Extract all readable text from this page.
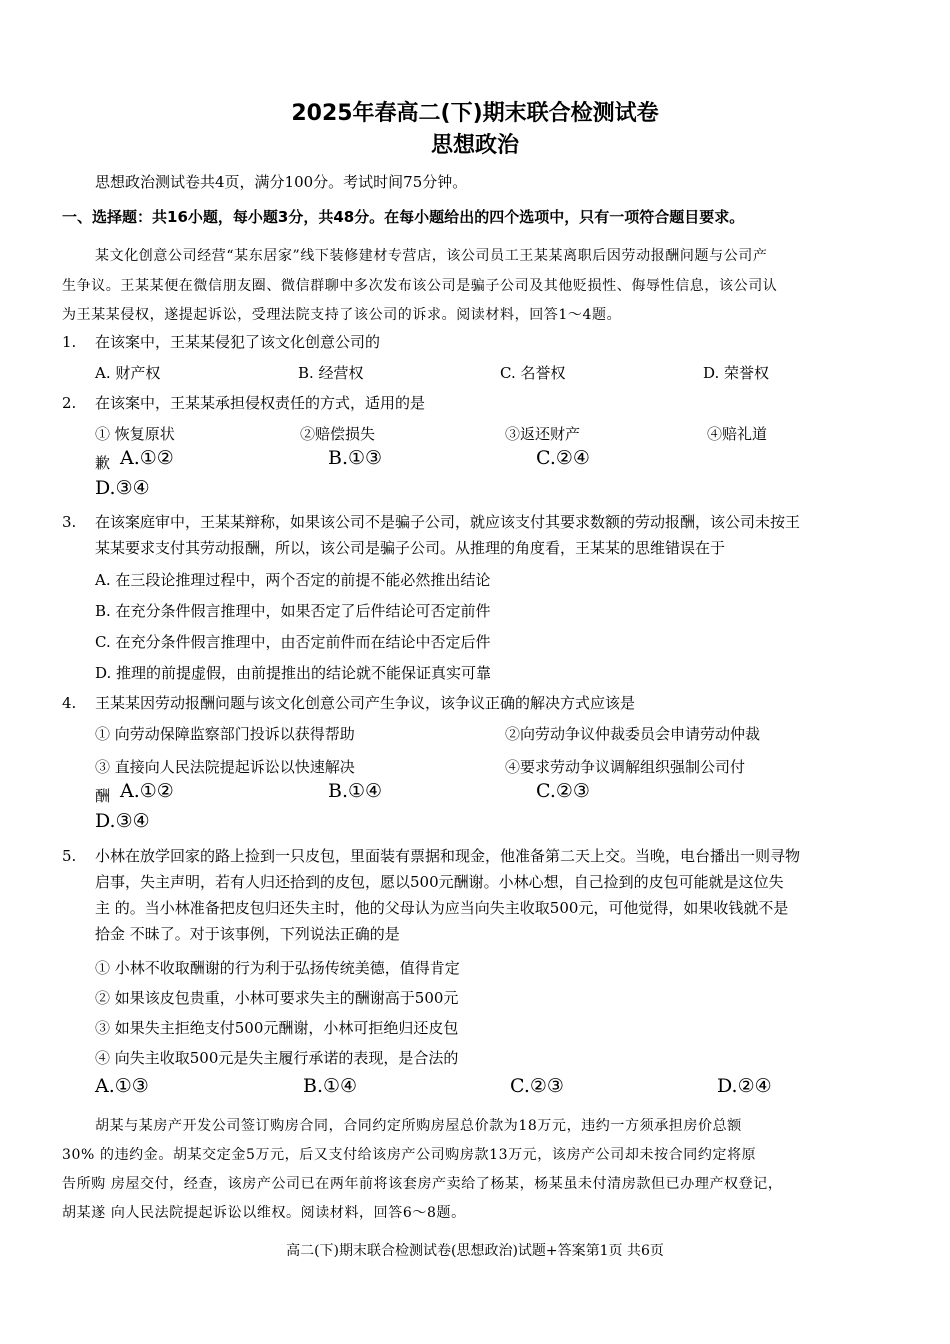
2025年春高二(下)期末联合检测试卷
思想政治
思想政治测试卷共4页，满分100分。考试时间75分钟。
一、选择题：共16小题，每小题3分，共48分。在每小题给出的四个选项中，只有一项符合题目要求。
某文化创意公司经营“某东居家”线下装修建材专营店，该公司员工王某某离职后因劳动报酬问题与公司产
生争议。王某某便在微信朋友圈、微信群聊中多次发布该公司是骗子公司及其他贬损性、侮辱性信息，该公司认
为王某某侵权，遂提起诉讼，受理法院支持了该公司的诉求。阅读材料，回答1～4题。
1. 在该案中，王某某侵犯了该文化创意公司的
A. 财产权	B. 经营权	C. 名誉权	D. 荣誉权
2. 在该案中，王某某承担侵权责任的方式，适用的是
① 恢复原状	②赔偿损失	③返还财产	④赔礼道
歉 A.①②	B.①③	C.②④
D.③④
3. 在该案庭审中，王某某辩称，如果该公司不是骗子公司，就应该支付其要求数额的劳动报酬，该公司未按王
某某要求支付其劳动报酬，所以，该公司是骗子公司。从推理的角度看，王某某的思维错误在于
A. 在三段论推理过程中，两个否定的前提不能必然推出结论
B. 在充分条件假言推理中，如果否定了后件结论可否定前件
C. 在充分条件假言推理中，由否定前件而在结论中否定后件
D. 推理的前提虚假，由前提推出的结论就不能保证真实可靠
4. 王某某因劳动报酬问题与该文化创意公司产生争议，该争议正确的解决方式应该是
① 向劳动保障监察部门投诉以获得帮助	②向劳动争议仲裁委员会申请劳动仲裁
③ 直接向人民法院提起诉讼以快速解决	④要求劳动争议调解组织强制公司付
酬 A.①②	B.①④	C.②③
D.③④
5. 小林在放学回家的路上捡到一只皮包，里面装有票据和现金，他准备第二天上交。当晚，电台播出一则寻物
启事，失主声明，若有人归还拾到的皮包，愿以500元酬谢。小林心想，自己捡到的皮包可能就是这位失
主 的。当小林准备把皮包归还失主时，他的父母认为应当向失主收取500元，可他觉得，如果收钱就不是
拾金 不昧了。对于该事例，下列说法正确的是
① 小林不收取酬谢的行为利于弘扬传统美德，值得肯定
② 如果该皮包贵重，小林可要求失主的酬谢高于500元
③ 如果失主拒绝支付500元酬谢，小林可拒绝归还皮包
④ 向失主收取500元是失主履行承诺的表现，是合法的
A.①③	B.①④	C.②③	D.②④
胡某与某房产开发公司签订购房合同，合同约定所购房屋总价款为18万元，违约一方须承担房价总额
30% 的违约金。胡某交定金5万元，后又支付给该房产公司购房款13万元，该房产公司却未按合同约定将原
告所购 房屋交付，经查，该房产公司已在两年前将该套房产卖给了杨某，杨某虽未付清房款但已办理产权登记，
胡某遂 向人民法院提起诉讼以维权。阅读材料，回答6～8题。
高二(下)期末联合检测试卷(思想政治)试题+答案第1页 共6页
